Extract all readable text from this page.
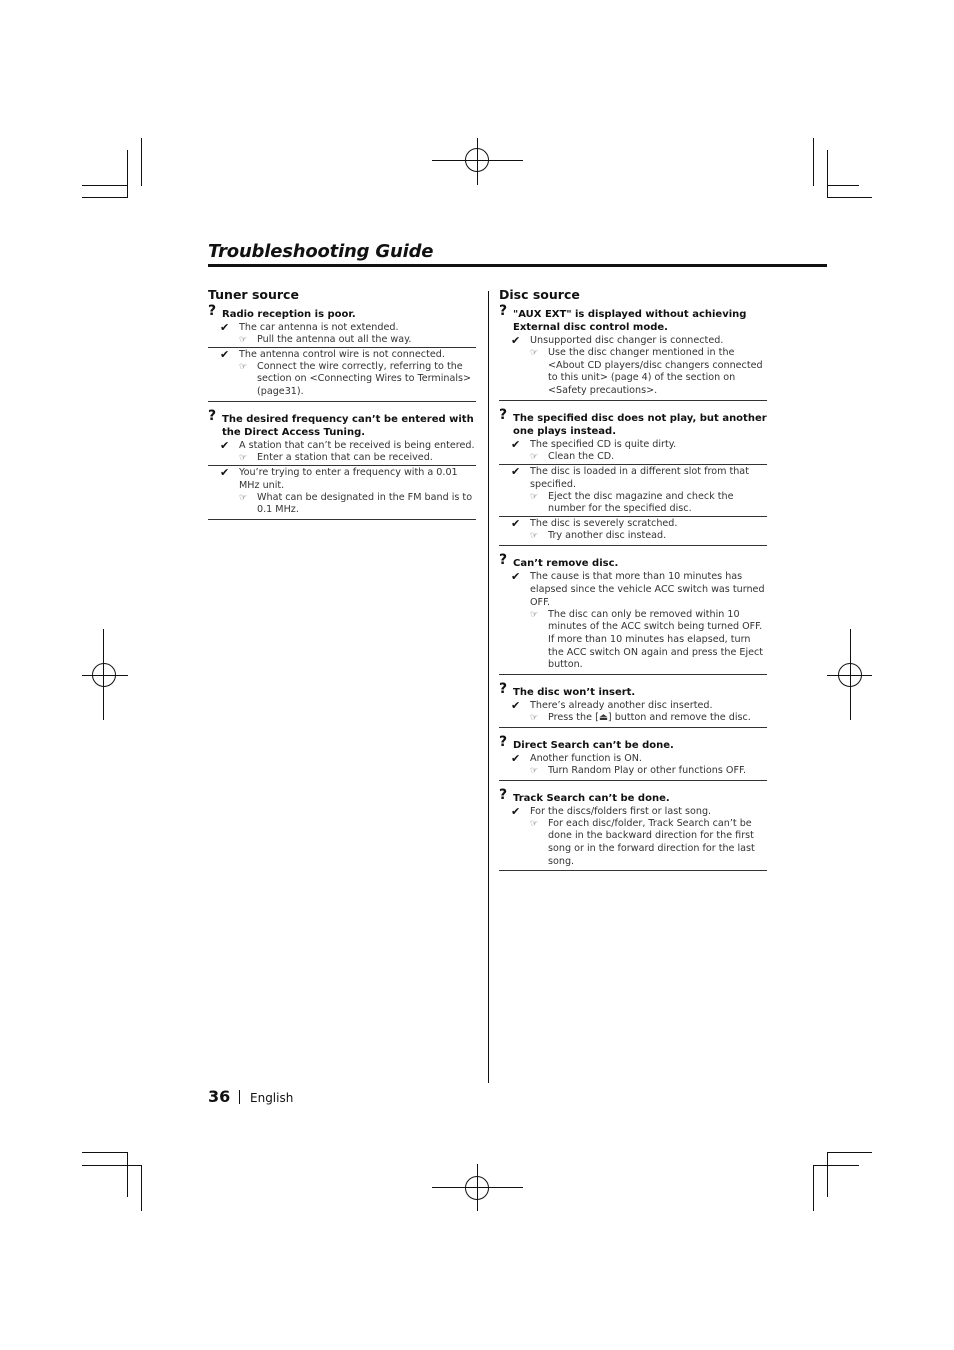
Troubleshooting Guide
Tuner source
? Radio reception is poor.
✔ The car antenna is not extended.
☞ Pull the antenna out all the way.
✔ The antenna control wire is not connected.
☞ Connect the wire correctly, referring to the section on <Connecting Wires to Terminals> (page31).
? The desired frequency can’t be entered with the Direct Access Tuning.
✔ A station that can’t be received is being entered.
☞ Enter a station that can be received.
✔ You’re trying to enter a frequency with a 0.01 MHz unit.
☞ What can be designated in the FM band is to 0.1 MHz.
Disc source
? "AUX EXT" is displayed without achieving External disc control mode.
✔ Unsupported disc changer is connected.
☞ Use the disc changer mentioned in the <About CD players/disc changers connected to this unit> (page 4) of the section on <Safety precautions>.
? The specified disc does not play, but another one plays instead.
✔ The specified CD is quite dirty.
☞ Clean the CD.
✔ The disc is loaded in a different slot from that specified.
☞ Eject the disc magazine and check the number for the specified disc.
✔ The disc is severely scratched.
☞ Try another disc instead.
? Can’t remove disc.
✔ The cause is that more than 10 minutes has elapsed since the vehicle ACC switch was turned OFF.
☞ The disc can only be removed within 10 minutes of the ACC switch being turned OFF. If more than 10 minutes has elapsed, turn the ACC switch ON again and press the Eject button.
? The disc won’t insert.
✔ There’s already another disc inserted.
☞ Press the [⏏] button and remove the disc.
? Direct Search can’t be done.
✔ Another function is ON.
☞ Turn Random Play or other functions OFF.
? Track Search can’t be done.
✔ For the discs/folders first or last song.
☞ For each disc/folder, Track Search can’t be done in the backward direction for the first song or in the forward direction for the last song.
36 English
